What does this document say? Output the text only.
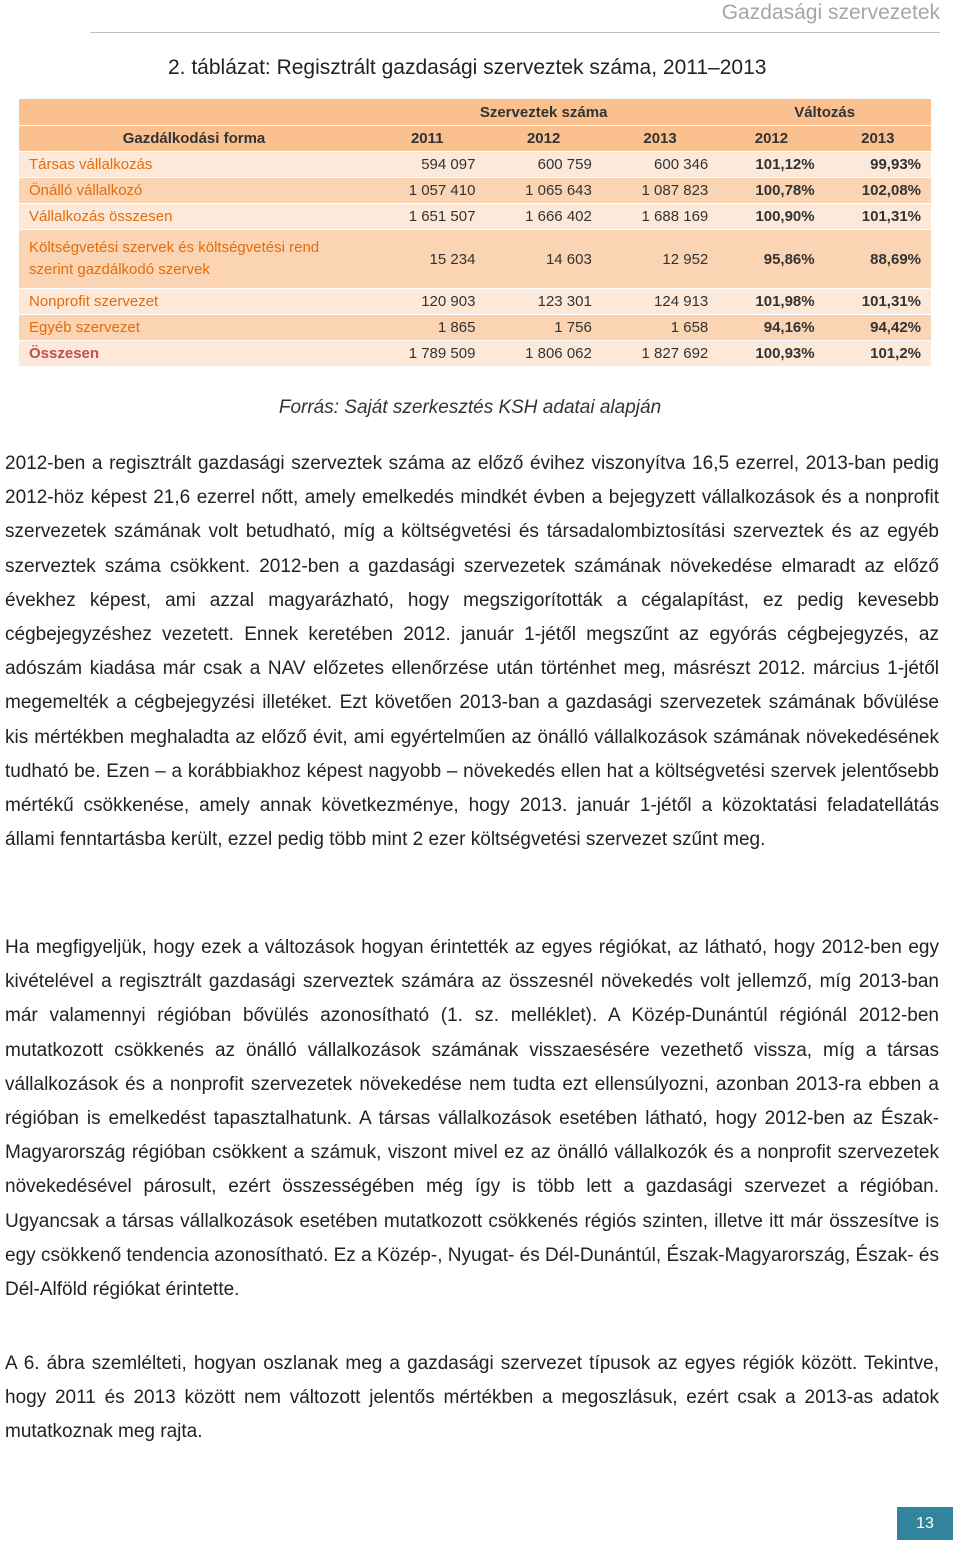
Gazdasági szervezetek
2. táblázat: Regisztrált gazdasági szerveztek száma, 2011–2013
	Szerveztek száma			Változás	
Gazdálkodási forma	2011	2012	2013	2012	2013
Társas vállalkozás	594 097	600 759	600 346	101,12%	99,93%
Önálló vállalkozó	1 057 410	1 065 643	1 087 823	100,78%	102,08%
Vállalkozás összesen	1 651 507	1 666 402	1 688 169	100,90%	101,31%
Költségvetési szervek és költségvetési rend szerint gazdálkodó szervek	15 234	14 603	12 952	95,86%	88,69%
Nonprofit szervezet	120 903	123 301	124 913	101,98%	101,31%
Egyéb szervezet	1 865	1 756	1 658	94,16%	94,42%
Összesen	1 789 509	1 806 062	1 827 692	100,93%	101,2%
Forrás: Saját szerkesztés KSH adatai alapján

2012-ben a regisztrált gazdasági szerveztek száma az előző évihez viszonyítva 16,5 ezerrel, 2013-ban pedig 2012-höz képest 21,6 ezerrel nőtt, amely emelkedés mindkét évben a bejegyzett vállalkozások és a nonprofit szervezetek számának volt betudható, míg a költségvetési és társadalombiztosítási szerveztek és az egyéb szerveztek száma csökkent. 2012-ben a gazdasági szervezetek számának növekedése elmaradt az előző évekhez képest, ami azzal magyarázható, hogy megszigorították a cégalapítást, ez pedig kevesebb cégbejegyzéshez vezetett. Ennek keretében 2012. január 1-jétől megszűnt az egyórás cégbejegyzés, az adószám kiadása már csak a NAV előzetes ellenőrzése után történhet meg, másrészt 2012. március 1-jétől megemelték a cégbejegyzési illetéket. Ezt követően 2013-ban a gazdasági szervezetek számának bővülése kis mértékben meghaladta az előző évit, ami egyértelműen az önálló vállalkozások számának növekedésének tudható be. Ezen – a korábbiakhoz képest nagyobb – növekedés ellen hat a költségvetési szervek jelentősebb mértékű csökkenése, amely annak következménye, hogy 2013. január 1-jétől a közoktatási feladatellátás állami fenntartásba került, ezzel pedig több mint 2 ezer költségvetési szervezet szűnt meg.

Ha megfigyeljük, hogy ezek a változások hogyan érintették az egyes régiókat, az látható, hogy 2012-ben egy kivételével a regisztrált gazdasági szerveztek számára az összesnél növekedés volt jellemző, míg 2013-ban már valamennyi régióban bővülés azonosítható (1. sz. melléklet). A Közép-Dunántúl régiónál 2012-ben mutatkozott csökkenés az önálló vállalkozások számának visszaesésére vezethető vissza, míg a társas vállalkozások és a nonprofit szervezetek növekedése nem tudta ezt ellensúlyozni, azonban 2013-ra ebben a régióban is emelkedést tapasztalhatunk. A társas vállalkozások esetében látható, hogy 2012-ben az Észak-Magyarország régióban csökkent a számuk, viszont mivel ez az önálló vállalkozók és a nonprofit szervezetek növekedésével párosult, ezért összességében még így is több lett a gazdasági szervezet a régióban. Ugyancsak a társas vállalkozások esetében mutatkozott csökkenés régiós szinten, illetve itt már összesítve is egy csökkenő tendencia azonosítható. Ez a Közép-, Nyugat- és Dél-Dunántúl, Észak-Magyarország, Észak- és Dél-Alföld régiókat érintette.

A 6. ábra szemlélteti, hogyan oszlanak meg a gazdasági szervezet típusok az egyes régiók között. Tekintve, hogy 2011 és 2013 között nem változott jelentős mértékben a megoszlásuk, ezért csak a 2013-as adatok mutatkoznak meg rajta.

13
